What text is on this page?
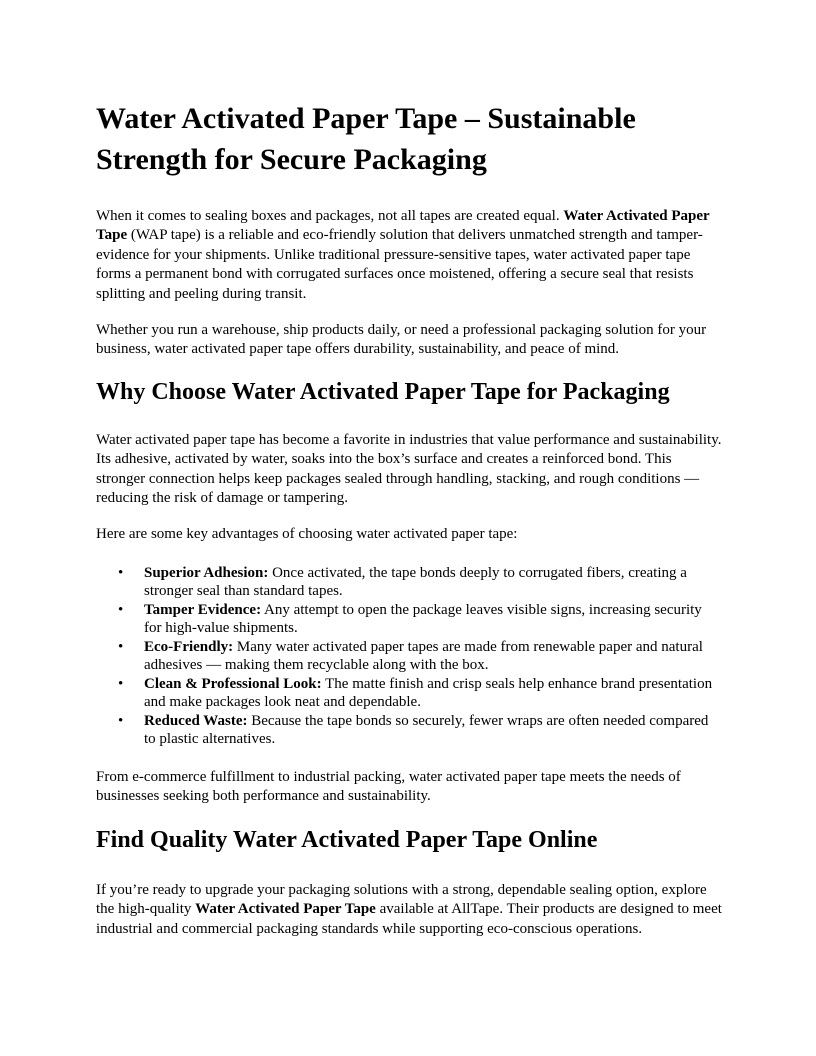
Water Activated Paper Tape – Sustainable Strength for Secure Packaging

When it comes to sealing boxes and packages, not all tapes are created equal. Water Activated Paper Tape (WAP tape) is a reliable and eco-friendly solution that delivers unmatched strength and tamper-evidence for your shipments. Unlike traditional pressure-sensitive tapes, water activated paper tape forms a permanent bond with corrugated surfaces once moistened, offering a secure seal that resists splitting and peeling during transit.

Whether you run a warehouse, ship products daily, or need a professional packaging solution for your business, water activated paper tape offers durability, sustainability, and peace of mind.

Why Choose Water Activated Paper Tape for Packaging

Water activated paper tape has become a favorite in industries that value performance and sustainability. Its adhesive, activated by water, soaks into the box’s surface and creates a reinforced bond. This stronger connection helps keep packages sealed through handling, stacking, and rough conditions — reducing the risk of damage or tampering.

Here are some key advantages of choosing water activated paper tape:

• Superior Adhesion: Once activated, the tape bonds deeply to corrugated fibers, creating a stronger seal than standard tapes.
• Tamper Evidence: Any attempt to open the package leaves visible signs, increasing security for high-value shipments.
• Eco-Friendly: Many water activated paper tapes are made from renewable paper and natural adhesives — making them recyclable along with the box.
• Clean & Professional Look: The matte finish and crisp seals help enhance brand presentation and make packages look neat and dependable.
• Reduced Waste: Because the tape bonds so securely, fewer wraps are often needed compared to plastic alternatives.

From e-commerce fulfillment to industrial packing, water activated paper tape meets the needs of businesses seeking both performance and sustainability.

Find Quality Water Activated Paper Tape Online

If you’re ready to upgrade your packaging solutions with a strong, dependable sealing option, explore the high-quality Water Activated Paper Tape available at AllTape. Their products are designed to meet industrial and commercial packaging standards while supporting eco-conscious operations.
